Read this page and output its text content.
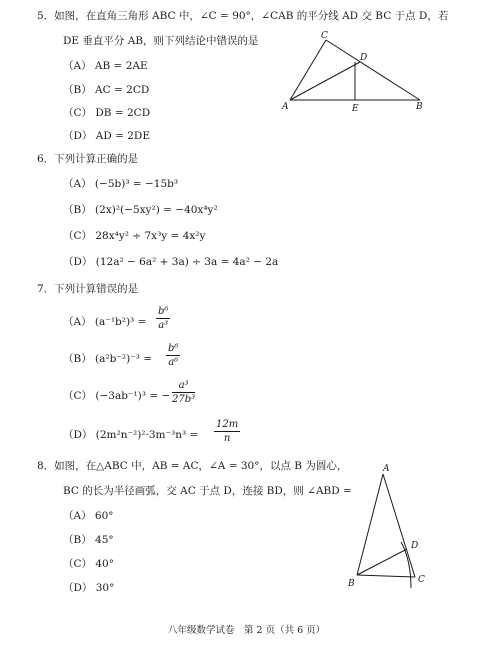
5．如图，在直角三角形 ABC 中，∠C = 90°，∠CAB 的平分线 AD 交 BC 于点 D，若
DE 垂直平分 AB，则下列结论中错误的是
（A） AB = 2AE
（B） AC = 2CD
（C） DB = 2CD
（D） AD = 2DE
C
D
A	E	B
6．下列计算正确的是
（A） (−5b)³ = −15b³
（B） (2x)²(−5xy²) = −40x⁴y²
（C） 28x⁴y² ÷ 7x³y = 4x²y
（D） (12a² − 6a² + 3a) ÷ 3a = 4a² − 2a
7．下列计算错误的是
（A） $(a^{-1}b^2)^3 = \frac{\text{b⁶}}{\text{a³}}$
（B） $(a^2b^{-2})^{-3} = \frac{\text{b⁶}}{\text{a⁶}}$
（C） (−3ab⁻¹)³ = − $\frac{\text{a³}}{\text{27b³}}$
（D） $(2m^2n^{-2})^2\cdot 3m^{-3}n^3 = \frac{12m}{n}$
8．如图，在△ABC 中，AB = AC，∠A = 30°，以点 B 为圆心，
BC 的长为半径画弧，交 AC 于点 D，连接 BD，则 ∠ABD =
（A） 60°
（B） 45°
（C） 40°
（D） 30°
A
D
B	C
八年级数学试卷　第 2 页（共 6 页）
